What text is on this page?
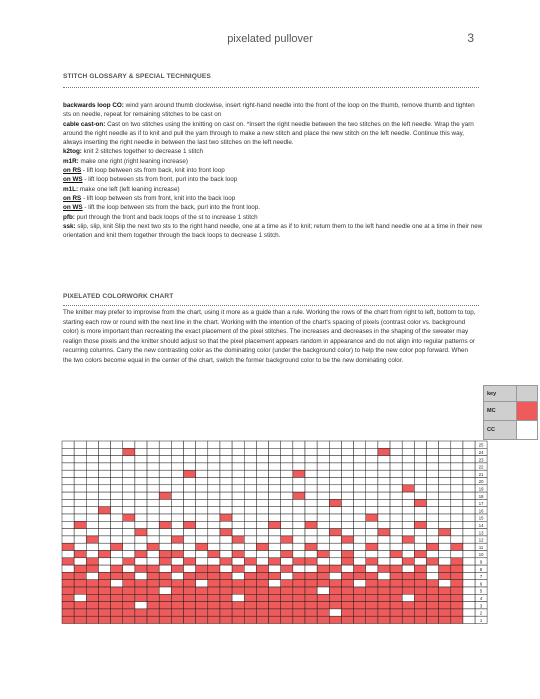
pixelated pullover	3
STITCH GLOSSARY & SPECIAL TECHNIQUES

backwards loop CO: wind yarn around thumb clockwise, insert right-hand needle into the front of the loop on the thumb, remove thumb and tighten sts on needle, repeat for remaining stitches to be cast on

cable cast-on: Cast on two stitches using the knitting on cast on. *Insert the right needle between the two stitches on the left needle. Wrap the yarn around the right needle as if to knit and pull the yarn through to make a new stitch and place the new stitch on the left needle. Continue this way, always inserting the right needle in between the last two stitches on the left needle.

k2tog: knit 2 stitches together to decrease 1 stitch

m1R: make one right (right leaning increase)

on RS - lift loop between sts from back, knit into front loop

on WS - lift loop between sts from front, purl into the back loop

m1L: make one left (left leaning increase)

on RS - lift loop between sts from front, knit into the back loop

on WS - lift the loop between sts from the back, purl into the front loop.

pfb: purl through the front and back loops of the st to increase 1 stitch

ssk: slip, slip, knit Slip the next two sts to the right hand needle, one at a time as if to knit; return them to the left hand needle one at a time in their new orientation and knit them together through the back loops to decrease 1 stitch.

PIXELATED COLORWORK CHART
The knitter may prefer to improvise from the chart, using it more as a guide than a rule. Working the rows of the chart from right to left, bottom to top, starting each row or round with the next line in the chart. Working with the intention of the chart's spacing of pixels (contrast color vs. background color) is more important than recreating the exact placement of the pixel stitches. The increases and decreases in the shaping of the sweater may realign those pixels and the knitter should adjust so that the pixel placement appears random in appearance and do not align into regular patterns or recurring columns. Carry the new contrasting color as the dominating color (under the background color) to help the new color pop forward. When the two colors become equal in the center of the chart, switch the former background color to be the new dominating color.
key	
MC	
CC	
25
24
23
22
21
20
19
18
17
16
15
14
13
12
11
10
9
8
7
6
5
4
3
2
1
